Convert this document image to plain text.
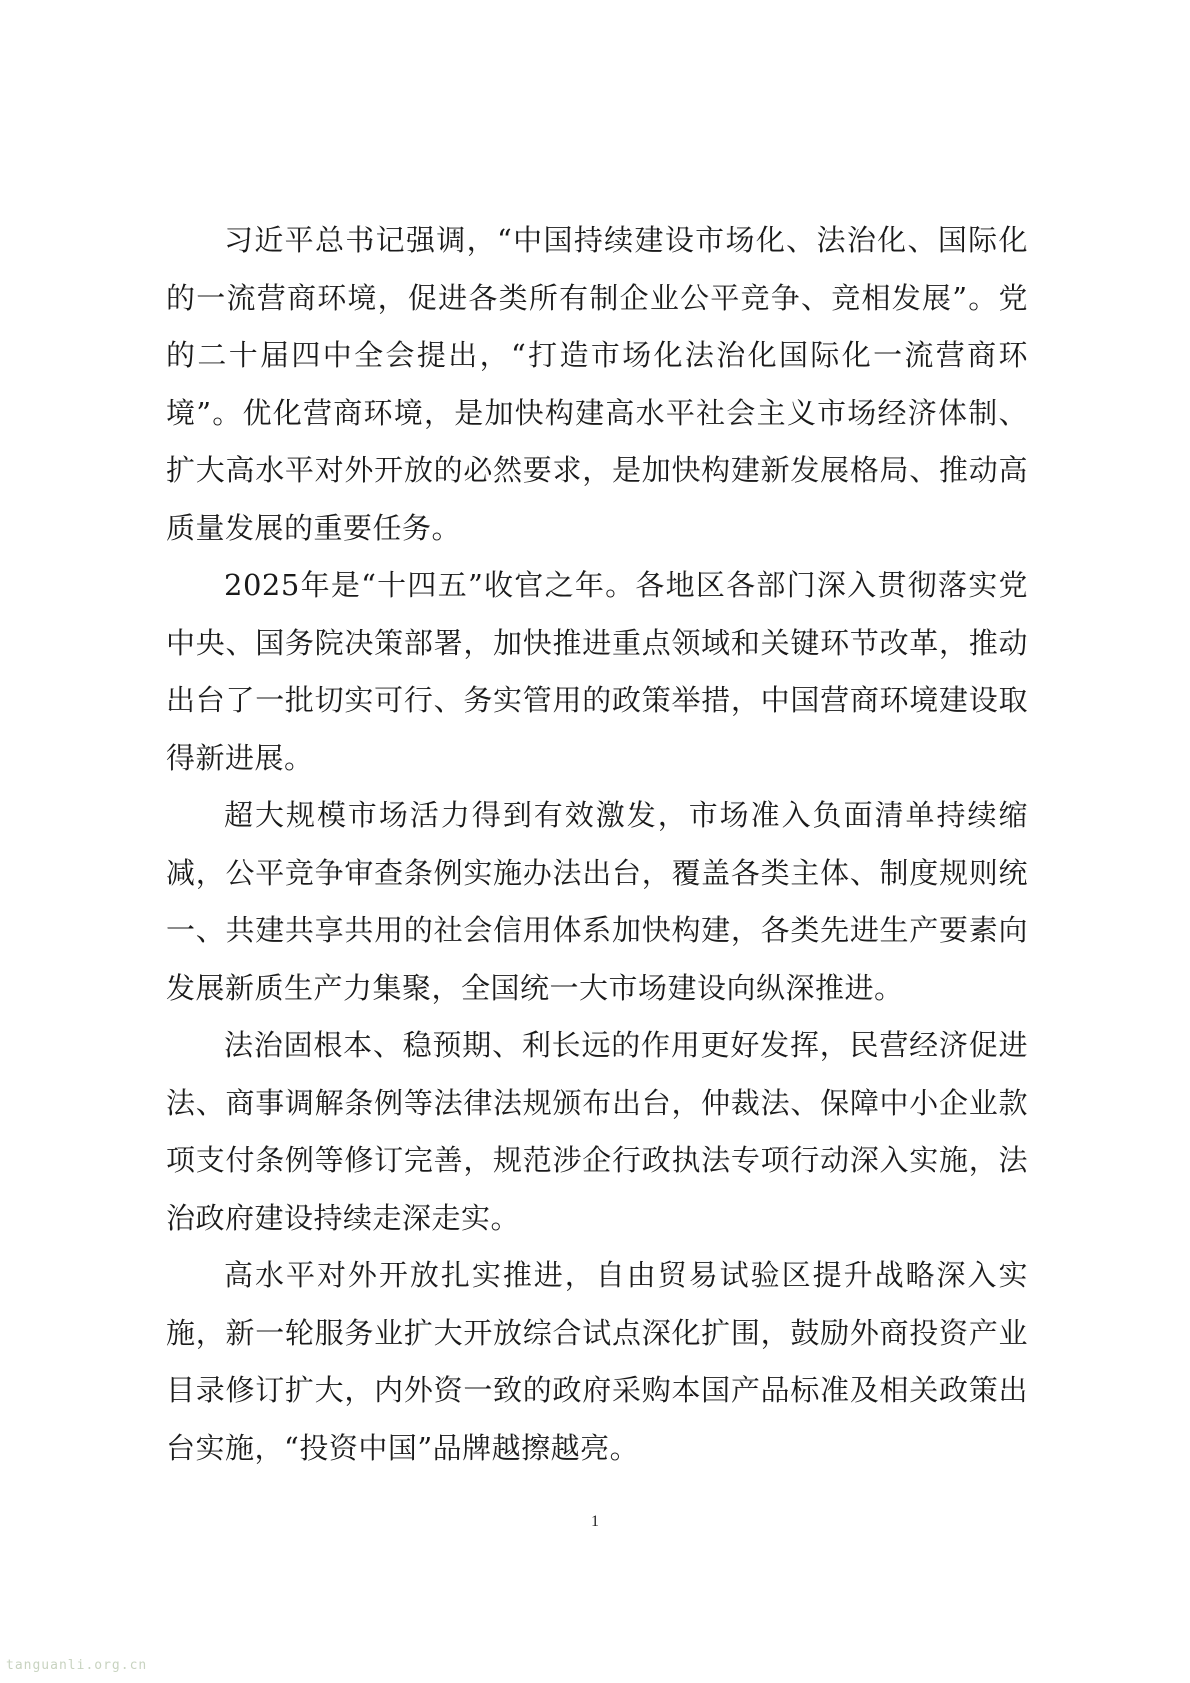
习近平总书记强调，“中国持续建设市场化、法治化、国际化的一流营商环境，促进各类所有制企业公平竞争、竞相发展”。党的二十届四中全会提出，“打造市场化法治化国际化一流营商环境”。优化营商环境，是加快构建高水平社会主义市场经济体制、扩大高水平对外开放的必然要求，是加快构建新发展格局、推动高质量发展的重要任务。

2025年是“十四五”收官之年。各地区各部门深入贯彻落实党中央、国务院决策部署，加快推进重点领域和关键环节改革，推动出台了一批切实可行、务实管用的政策举措，中国营商环境建设取得新进展。

超大规模市场活力得到有效激发，市场准入负面清单持续缩减，公平竞争审查条例实施办法出台，覆盖各类主体、制度规则统一、共建共享共用的社会信用体系加快构建，各类先进生产要素向发展新质生产力集聚，全国统一大市场建设向纵深推进。

法治固根本、稳预期、利长远的作用更好发挥，民营经济促进法、商事调解条例等法律法规颁布出台，仲裁法、保障中小企业款项支付条例等修订完善，规范涉企行政执法专项行动深入实施，法治政府建设持续走深走实。

高水平对外开放扎实推进，自由贸易试验区提升战略深入实施，新一轮服务业扩大开放综合试点深化扩围，鼓励外商投资产业目录修订扩大，内外资一致的政府采购本国产品标准及相关政策出台实施，“投资中国”品牌越擦越亮。

1
tanguanli.org.cn
